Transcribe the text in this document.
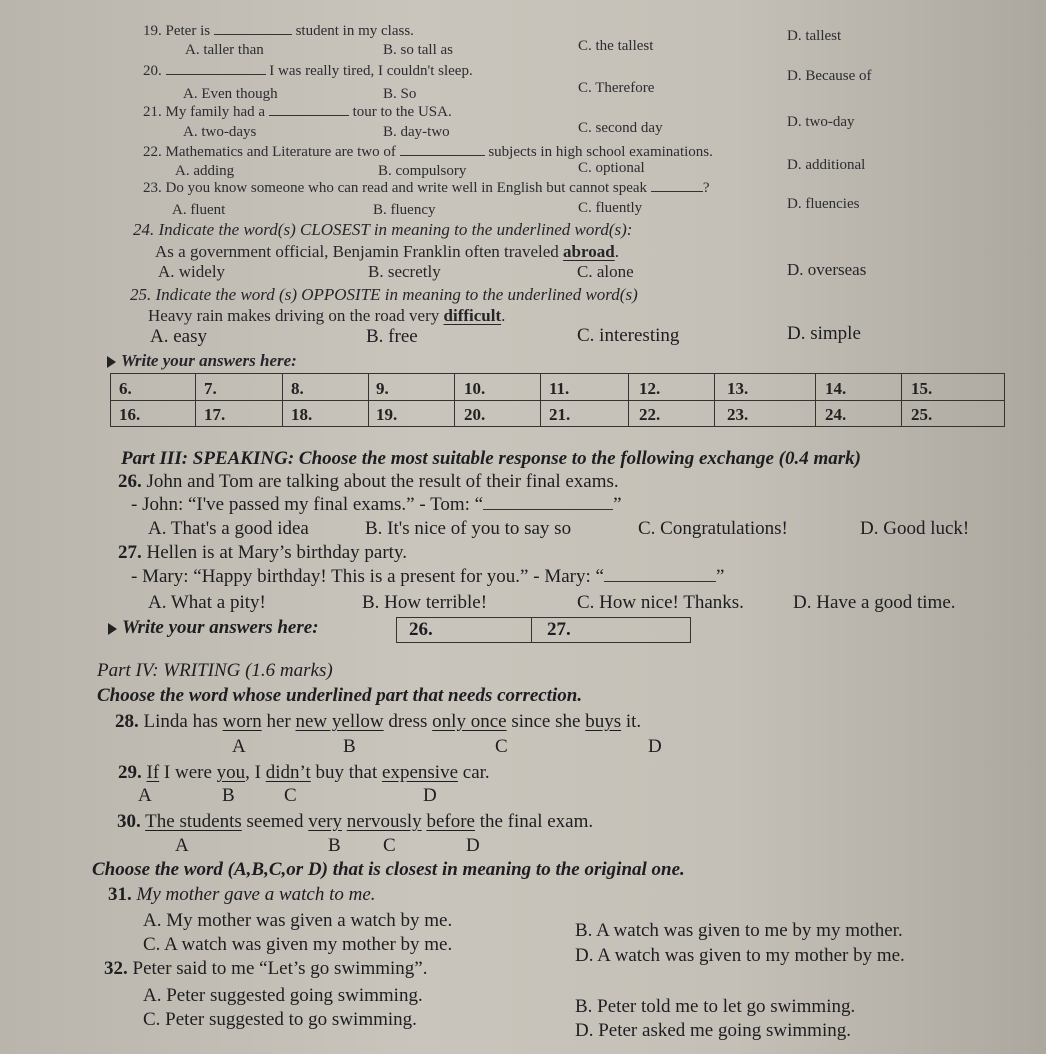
19. Peter is	student in my class.
A. taller than	B. so tall as	C. the tallest
D. tallest
20.	I was really tired, I couldn't sleep.
A. Even though	B. So	C. Therefore
D. Because of
21. My family had a	tour to the USA.
A. two-days	B. day-two	C. second day	D. two-day
22. Mathematics and Literature are two of	subjects in high school examinations.
A. adding	B. compulsory	C. optional	D. additional
23. Do you know someone who can read and write well in English but cannot speak	?
A. fluent	B. fluency	C. fluently	D. fluencies
24. Indicate the word(s) CLOSEST in meaning to the underlined word(s):
As a government official, Benjamin Franklin often traveled abroad.
A. widely	B. secretly	C. alone	D. overseas
25. Indicate the word (s) OPPOSITE in meaning to the underlined word(s)
Heavy rain makes driving on the road very difficult.
A. easy	B. free	C. interesting	D. simple
Write your answers here:
6.	7.	8.	9.	10.	11.	12.	13.	14.	15.
16.	17.	18.	19.	20.	21.	22.	23.	24.	25.
Part III: SPEAKING: Choose the most suitable response to the following exchange (0.4 mark)
26. John and Tom are talking about the result of their final exams.
- John: “I've passed my final exams.” - Tom: “	”
A. That's a good idea	B. It's nice of you to say so	C. Congratulations!	D. Good luck!
27. Hellen is at Mary’s birthday party.
- Mary: “Happy birthday! This is a present for you.” - Mary: “	”
A. What a pity!	B. How terrible!	C. How nice! Thanks.	D. Have a good time.
Write your answers here:	26.	27.
Part IV: WRITING (1.6 marks)
Choose the word whose underlined part that needs correction.
28. Linda has worn her new yellow dress only once since she buys it.
A	B	C	D
29. If I were you, I didn’t buy that expensive car.
A	B	C	D
30. The students seemed very nervously before the final exam.
A	B C	D
Choose the word (A,B,C,or D) that is closest in meaning to the original one.
31. My mother gave a watch to me.
A. My mother was given a watch by me.	B. A watch was given to me by my mother.
C. A watch was given my mother by me.
D. A watch was given to my mother by me.
32. Peter said to me “Let’s go swimming”.
A. Peter suggested going swimming.
B. Peter told me to let go swimming.
C. Peter suggested to go swimming.
D. Peter asked me going swimming.
